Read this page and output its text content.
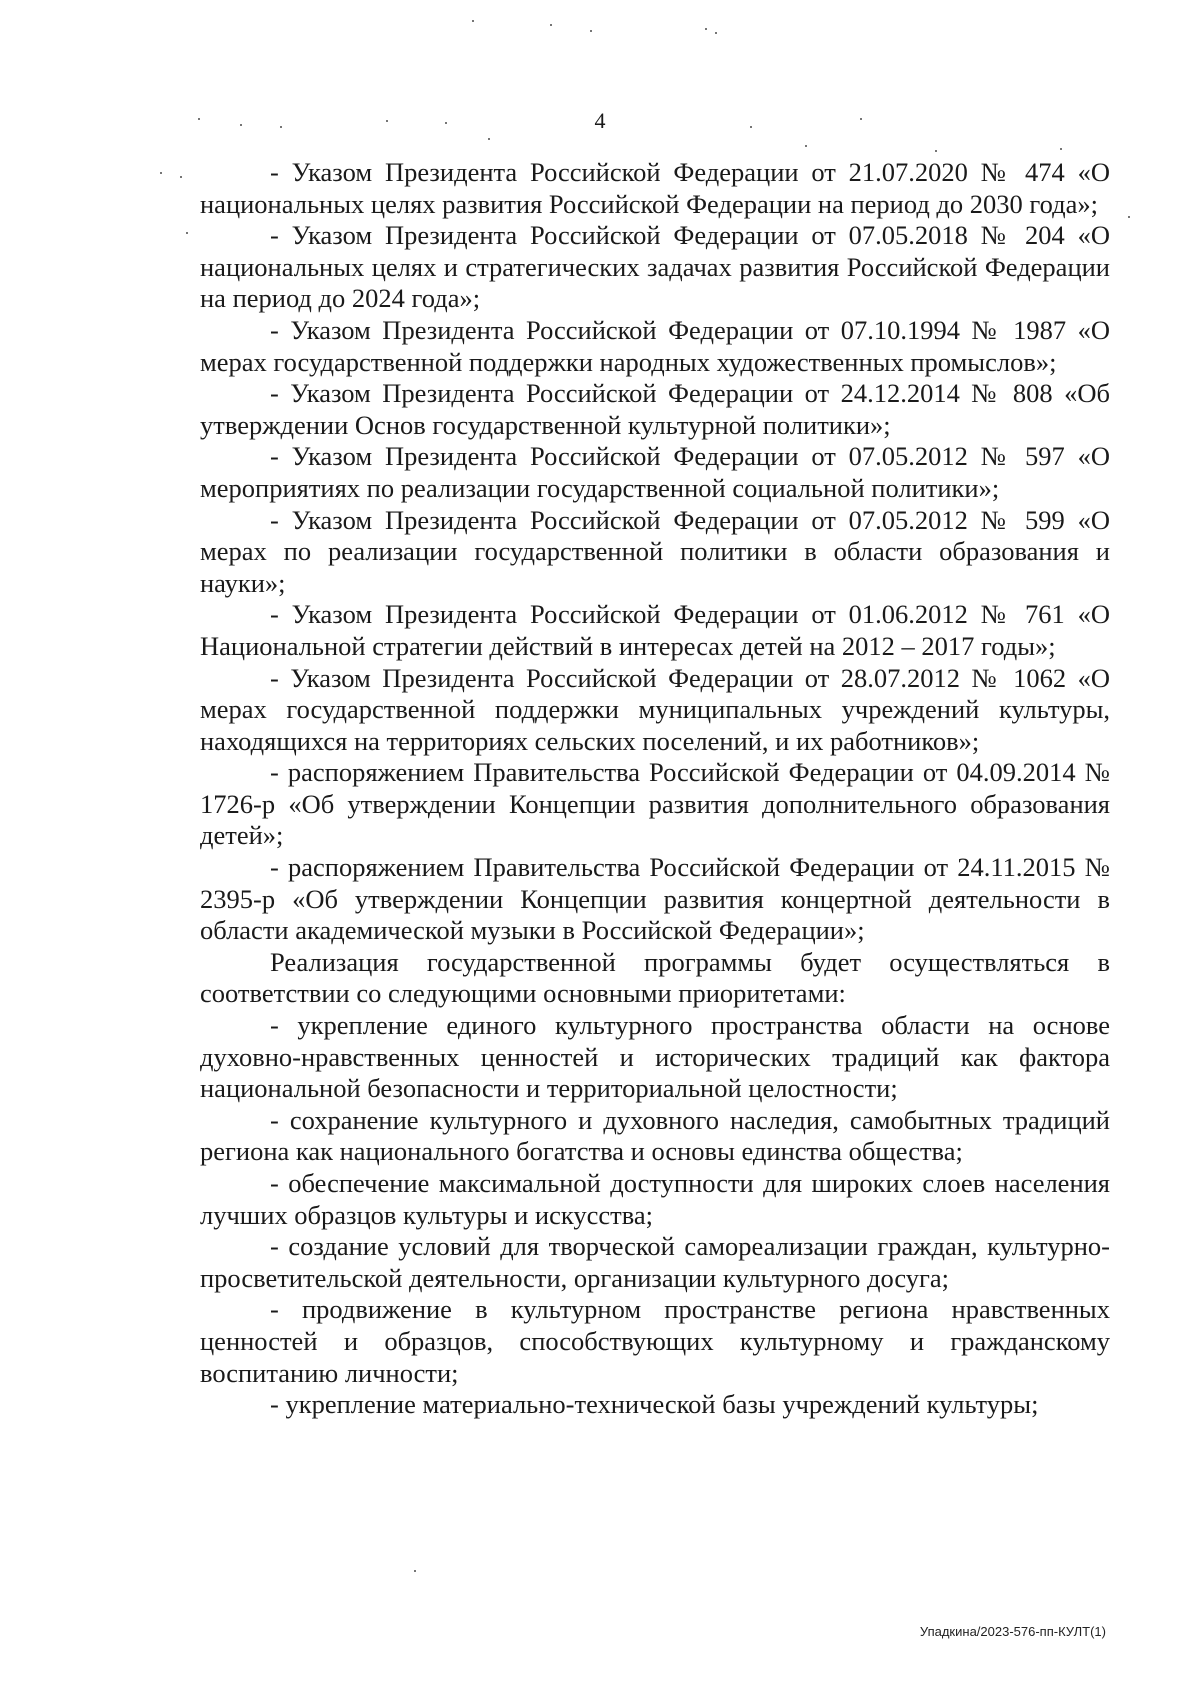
4

- Указом Президента Российской Федерации от 21.07.2020 № 474 «О национальных целях развития Российской Федерации на период до 2030 года»;

- Указом Президента Российской Федерации от 07.05.2018 № 204 «О национальных целях и стратегических задачах развития Российской Федерации на период до 2024 года»;

- Указом Президента Российской Федерации от 07.10.1994 № 1987 «О мерах государственной поддержки народных художественных промыслов»;

- Указом Президента Российской Федерации от 24.12.2014 № 808 «Об утверждении Основ государственной культурной политики»;

- Указом Президента Российской Федерации от 07.05.2012 № 597 «О мероприятиях по реализации государственной социальной политики»;

- Указом Президента Российской Федерации от 07.05.2012 № 599 «О мерах по реализации государственной политики в области образования и науки»;

- Указом Президента Российской Федерации от 01.06.2012 № 761 «О Национальной стратегии действий в интересах детей на 2012 – 2017 годы»;

- Указом Президента Российской Федерации от 28.07.2012 № 1062 «О мерах государственной поддержки муниципальных учреждений культуры, находящихся на территориях сельских поселений, и их работников»;

- распоряжением Правительства Российской Федерации от 04.09.2014 № 1726-р «Об утверждении Концепции развития дополнительного образования детей»;

- распоряжением Правительства Российской Федерации от 24.11.2015 № 2395-р «Об утверждении Концепции развития концертной деятельности в области академической музыки в Российской Федерации»;

Реализация государственной программы будет осуществляться в соответствии со следующими основными приоритетами:

- укрепление единого культурного пространства области на основе духовно-нравственных ценностей и исторических традиций как фактора национальной безопасности и территориальной целостности;

- сохранение культурного и духовного наследия, самобытных традиций региона как национального богатства и основы единства общества;

- обеспечение максимальной доступности для широких слоев населения лучших образцов культуры и искусства;

- создание условий для творческой самореализации граждан, культурно-просветительской деятельности, организации культурного досуга;

- продвижение в культурном пространстве региона нравственных ценностей и образцов, способствующих культурному и гражданскому воспитанию личности;

- укрепление материально-технической базы учреждений культуры;

Упадкина/2023-576-пп-КУЛТ(1)
